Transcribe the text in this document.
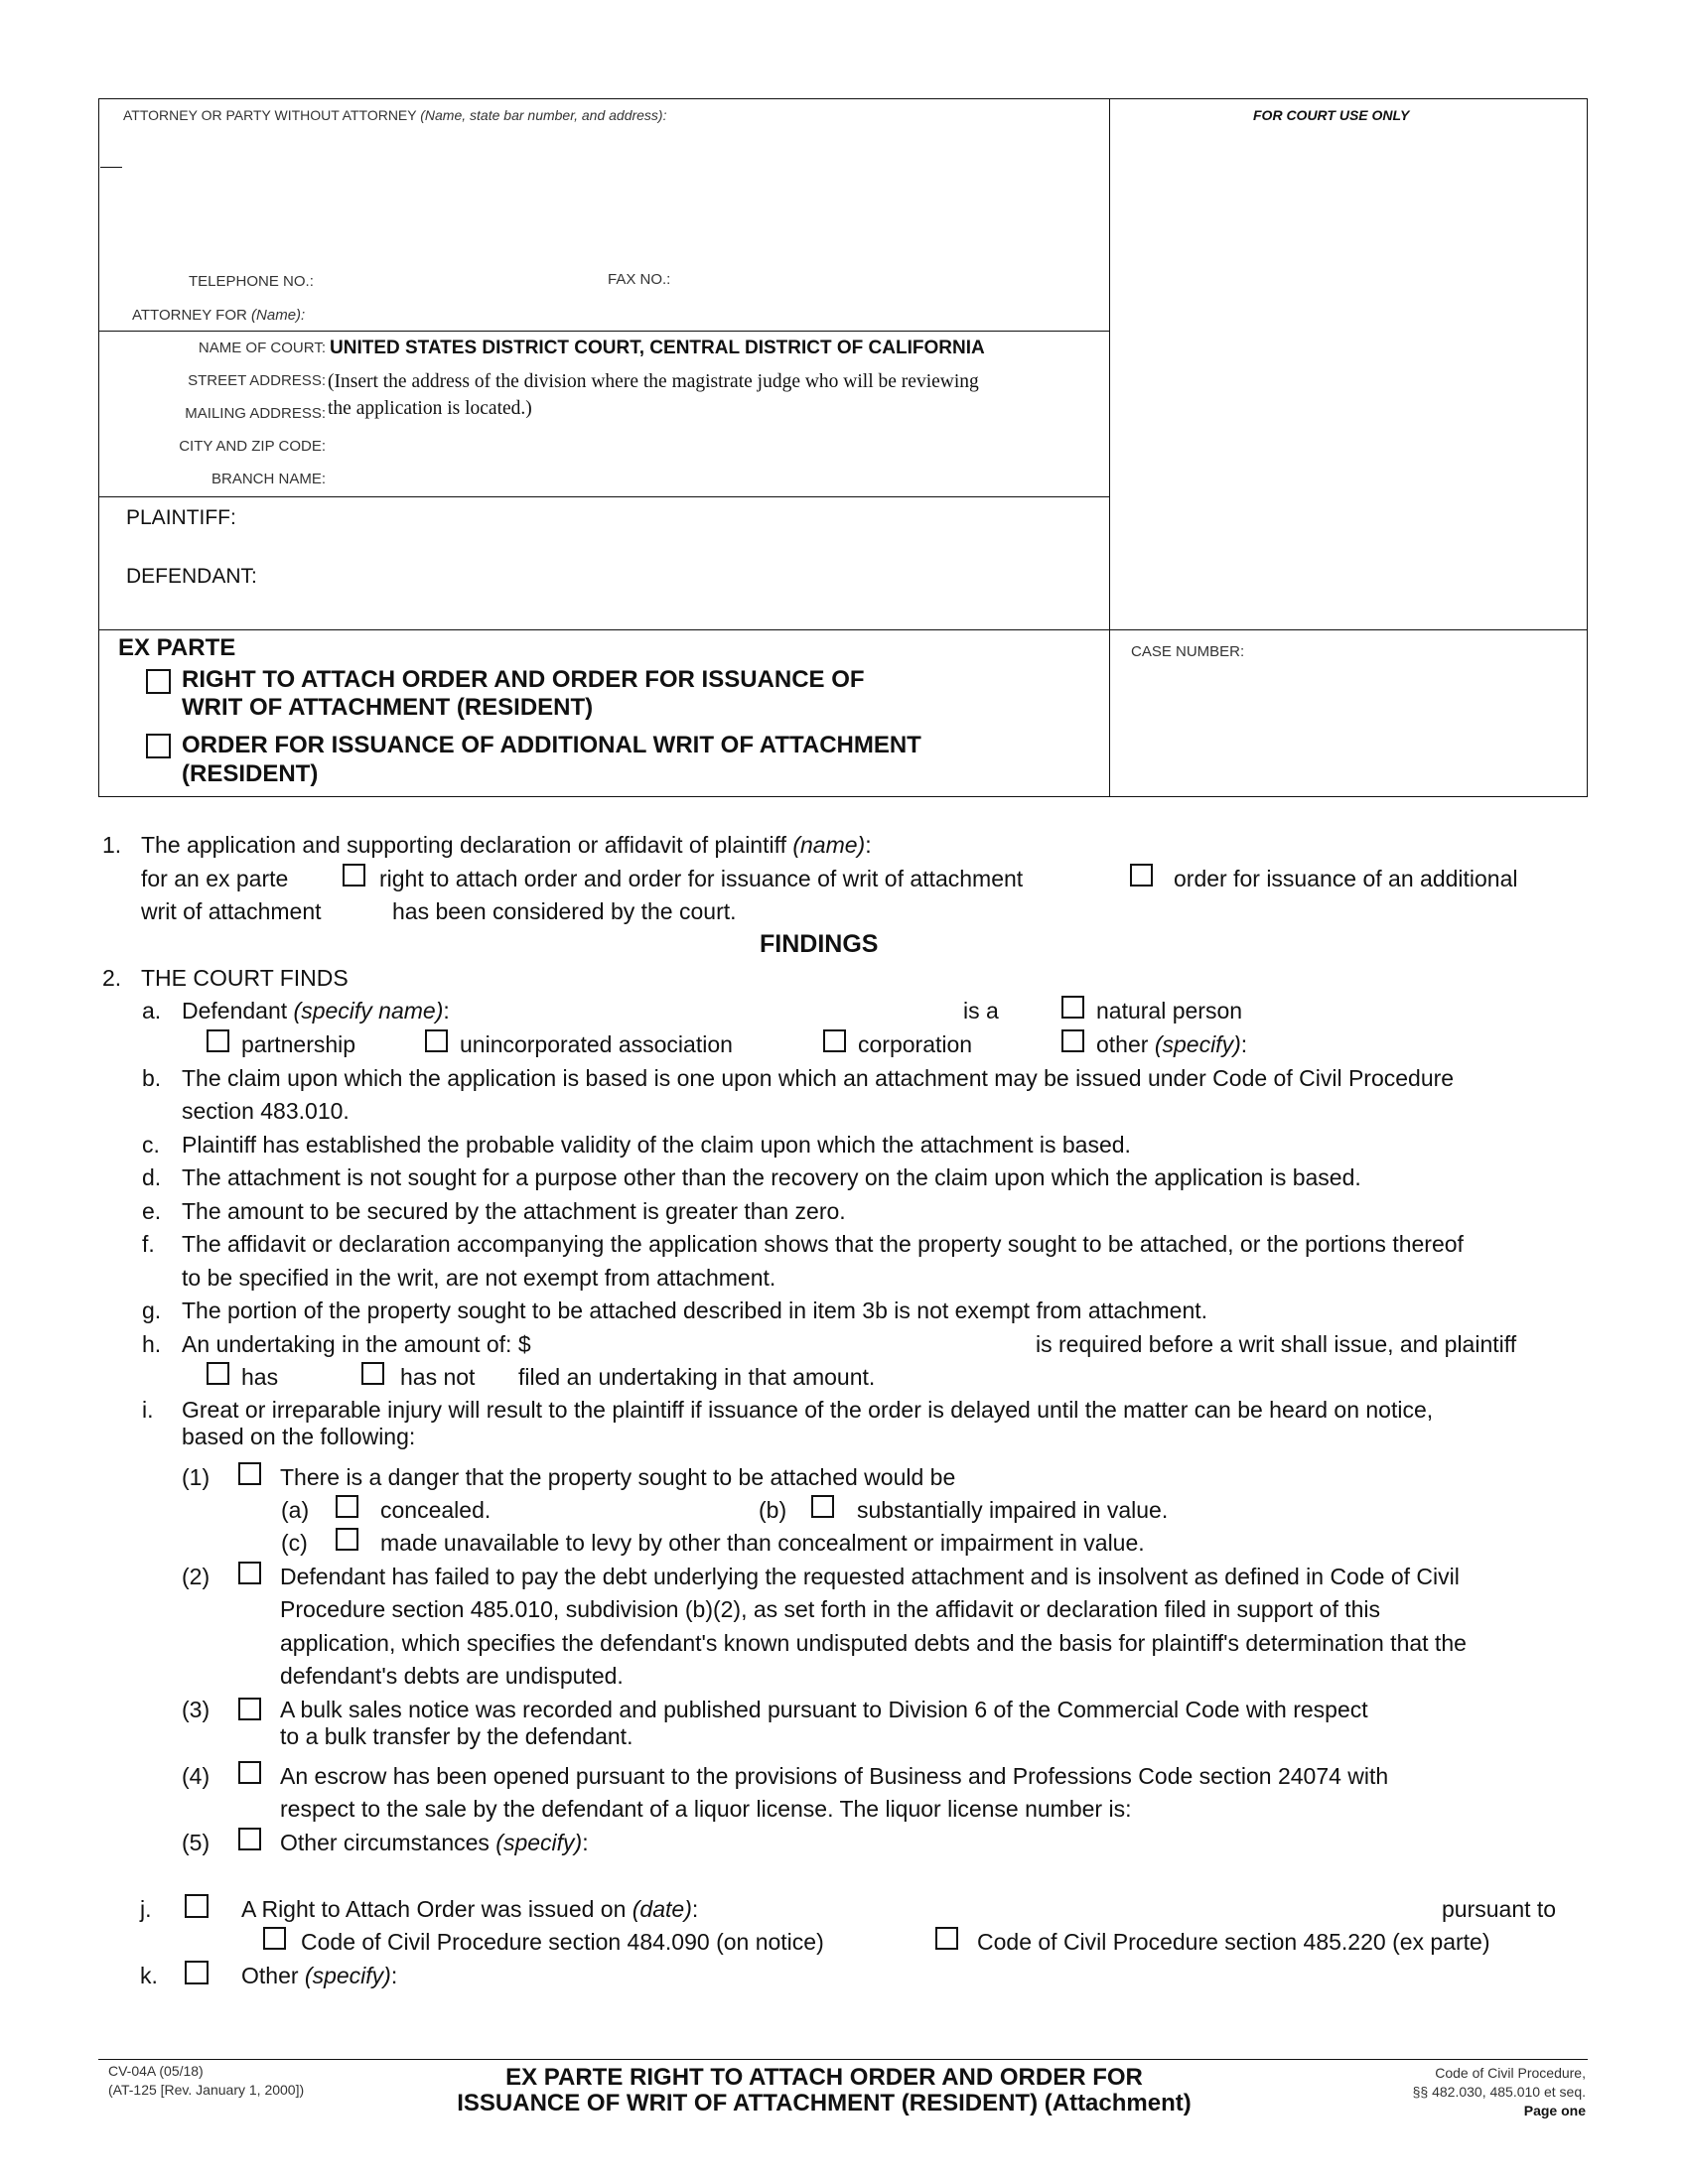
ATTORNEY OR PARTY WITHOUT ATTORNEY (Name, state bar number, and address):	FOR COURT USE ONLY
TELEPHONE NO.:	FAX NO.:
ATTORNEY FOR (Name):
NAME OF COURT: UNITED STATES DISTRICT COURT, CENTRAL DISTRICT OF CALIFORNIA
STREET ADDRESS: (Insert the address of the division where the magistrate judge who will be reviewing
MAILING ADDRESS: the application is located.)
CITY AND ZIP CODE:
BRANCH NAME:
PLAINTIFF:
DEFENDANT:
EX PARTE
RIGHT TO ATTACH ORDER AND ORDER FOR ISSUANCE OF
WRIT OF ATTACHMENT (RESIDENT)
ORDER FOR ISSUANCE OF ADDITIONAL WRIT OF ATTACHMENT
(RESIDENT)
CASE NUMBER:
1. The application and supporting declaration or affidavit of plaintiff (name):
for an ex parte	right to attach order and order for issuance of writ of attachment	order for issuance of an additional
writ of attachment	has been considered by the court.
FINDINGS
2. THE COURT FINDS
a. Defendant (specify name):	is a	natural person
partnership	unincorporated association	corporation	other (specify):
b. The claim upon which the application is based is one upon which an attachment may be issued under Code of Civil Procedure
section 483.010.
c. Plaintiff has established the probable validity of the claim upon which the attachment is based.
d. The attachment is not sought for a purpose other than the recovery on the claim upon which the application is based.
e. The amount to be secured by the attachment is greater than zero.
f. The affidavit or declaration accompanying the application shows that the property sought to be attached, or the portions thereof
to be specified in the writ, are not exempt from attachment.
g. The portion of the property sought to be attached described in item 3b is not exempt from attachment.
h. An undertaking in the amount of: $	is required before a writ shall issue, and plaintiff
has	has not filed an undertaking in that amount.
i. Great or irreparable injury will result to the plaintiff if issuance of the order is delayed until the matter can be heard on notice,
based on the following:
(1)	There is a danger that the property sought to be attached would be
(a)	concealed.	(b)	substantially impaired in value.
(c)	made unavailable to levy by other than concealment or impairment in value.
(2)	Defendant has failed to pay the debt underlying the requested attachment and is insolvent as defined in Code of Civil
Procedure section 485.010, subdivision (b)(2), as set forth in the affidavit or declaration filed in support of this
application, which specifies the defendant's known undisputed debts and the basis for plaintiff's determination that the
defendant's debts are undisputed.
(3)	A bulk sales notice was recorded and published pursuant to Division 6 of the Commercial Code with respect
to a bulk transfer by the defendant.
(4)	An escrow has been opened pursuant to the provisions of Business and Professions Code section 24074 with
respect to the sale by the defendant of a liquor license. The liquor license number is:
(5)	Other circumstances (specify):
j.	A Right to Attach Order was issued on (date):	pursuant to
Code of Civil Procedure section 484.090 (on notice)	Code of Civil Procedure section 485.220 (ex parte)
k.	Other (specify):
CV-04A (05/18)
(AT-125 [Rev. January 1, 2000])	EX PARTE RIGHT TO ATTACH ORDER AND ORDER FOR
ISSUANCE OF WRIT OF ATTACHMENT (RESIDENT) (Attachment)
Code of Civil Procedure,
§§ 482.030, 485.010 et seq.
Page one
